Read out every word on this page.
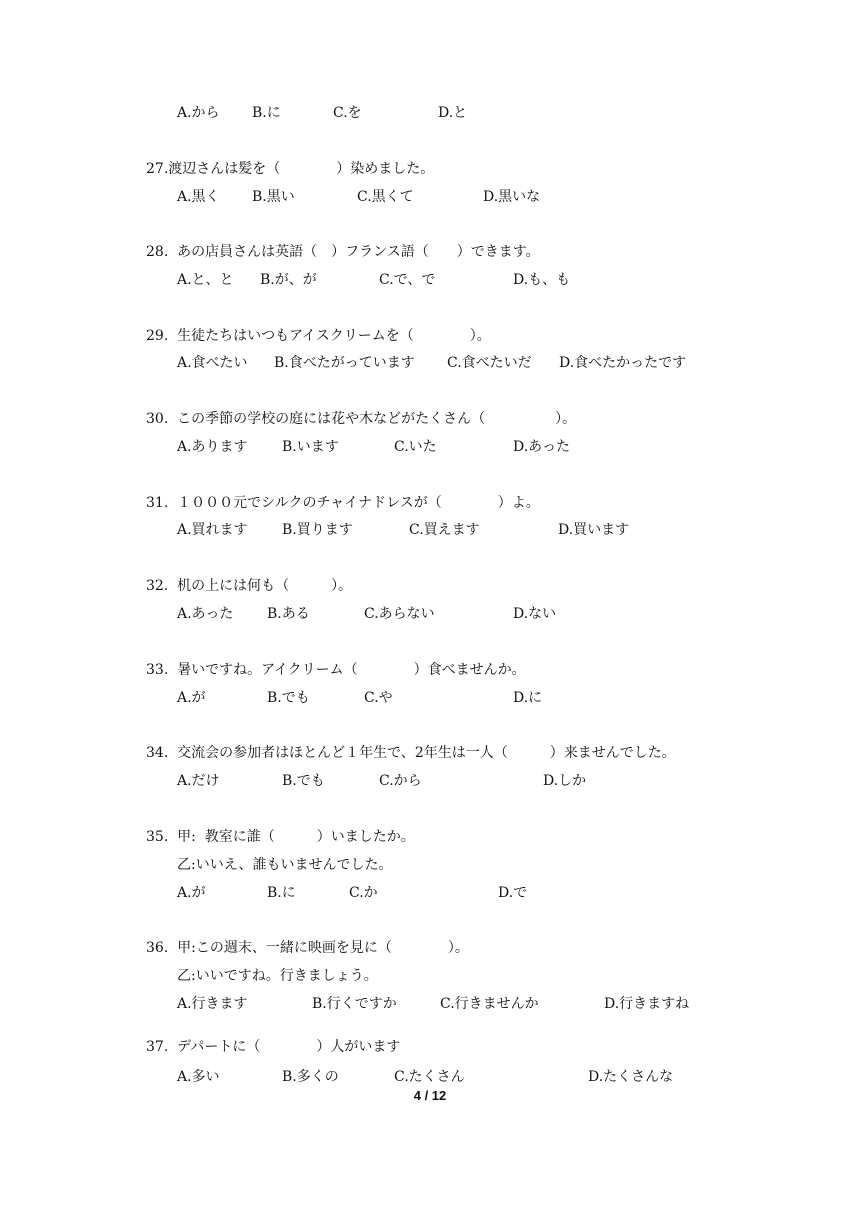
A.から B.に	C.を	D.と
27.渡辺さんは髪を（　　　　）染めました。
A.黒く B.黒い	C.黒くて	D.黒いな
28.  あの店員さんは英語（　）フランス語（　　）できます。
A.と、と B.が、が	C.で、で	D.も、も
29.  生徒たちはいつもアイスクリームを（　　　　）。
A.食べたい B.食べたがっています C.食べたいだ D.食べたかったです
30.  この季節の学校の庭には花や木などがたくさん（　　　　　）。
A.あります B.います	C.いた	D.あった
31.  １０００元でシルクのチャイナドレスが（　　　　）よ。
A.買れます B.買ります	C.買えます	D.買います
32.  机の上には何も（　　　）。
A.あった B.ある	C.あらない	D.ない
33.  暑いですね。アイクリーム（　　　　）食べませんか。
A.が	B.でも	C.や	D.に
34.  交流会の参加者はほとんど１年生で、2年生は一人（　　　）来ませんでした。
A.だけ	B.でも	C.から	D.しか
35.  甲:  教室に誰（　　　）いましたか。
乙:いいえ、誰もいませんでした。
A.が	B.に	C.か	D.で
36.  甲:この週末、一緒に映画を見に（　　　　）。
乙:いいですね。行きましょう。
A.行きます	B.行くですか	C.行きませんか	D.行きますね
37.  デパートに（　　　　）人がいます
A.多い	B.多くの	C.たくさん	D.たくさんな
4 / 12
